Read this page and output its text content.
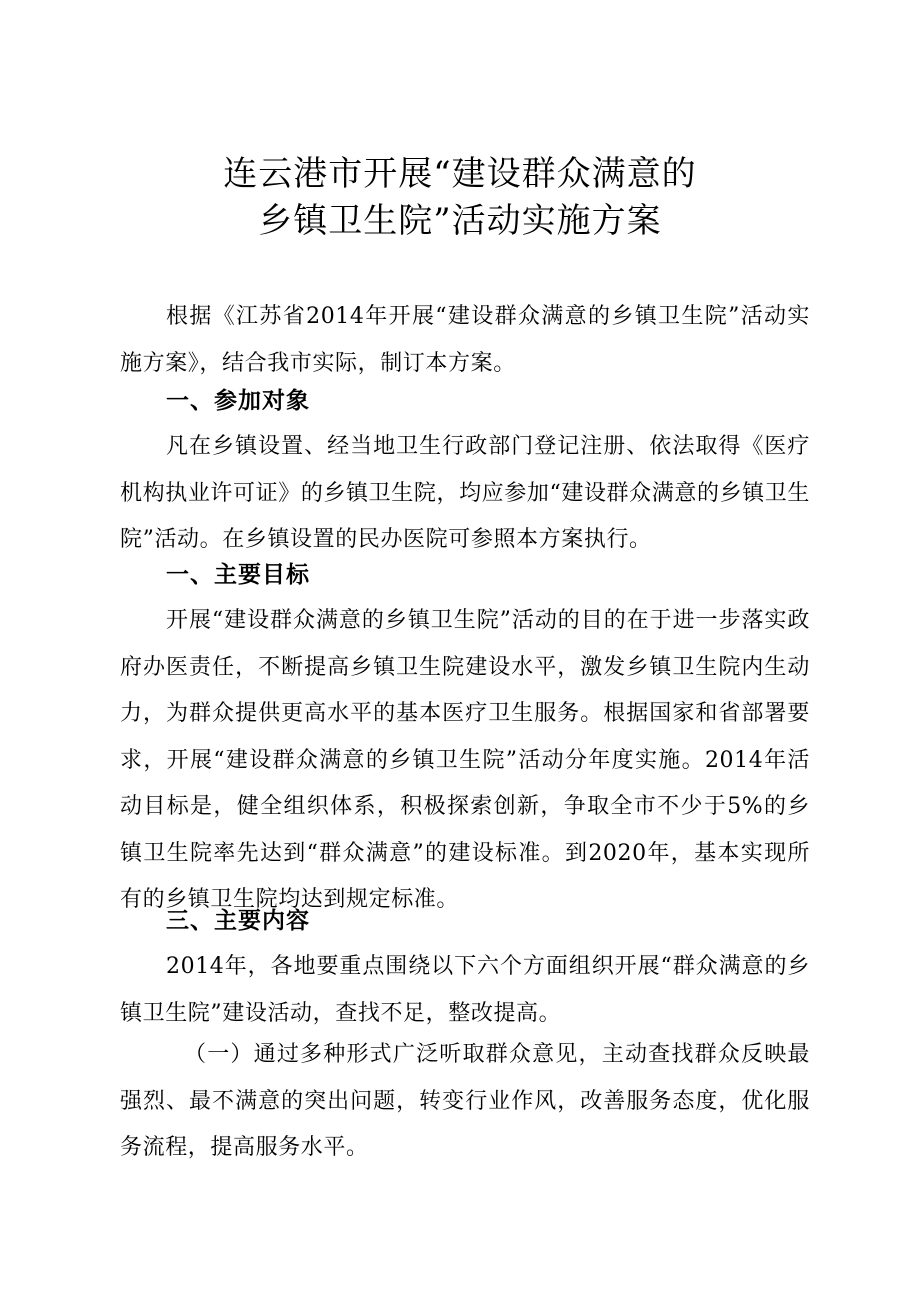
连云港市开展“建设群众满意的
乡镇卫生院”活动实施方案

根据《江苏省2014年开展“建设群众满意的乡镇卫生院”活动实施方案》，结合我市实际，制订本方案。

一、参加对象

凡在乡镇设置、经当地卫生行政部门登记注册、依法取得《医疗机构执业许可证》的乡镇卫生院，均应参加“建设群众满意的乡镇卫生院”活动。在乡镇设置的民办医院可参照本方案执行。

一、主要目标

开展“建设群众满意的乡镇卫生院”活动的目的在于进一步落实政府办医责任，不断提高乡镇卫生院建设水平，激发乡镇卫生院内生动力，为群众提供更高水平的基本医疗卫生服务。根据国家和省部署要求，开展“建设群众满意的乡镇卫生院”活动分年度实施。2014年活动目标是，健全组织体系，积极探索创新，争取全市不少于5%的乡镇卫生院率先达到“群众满意”的建设标准。到2020年，基本实现所有的乡镇卫生院均达到规定标准。

三、主要内容

2014年，各地要重点围绕以下六个方面组织开展“群众满意的乡镇卫生院”建设活动，查找不足，整改提高。

（一）通过多种形式广泛听取群众意见，主动查找群众反映最强烈、最不满意的突出问题，转变行业作风，改善服务态度，优化服务流程，提高服务水平。
